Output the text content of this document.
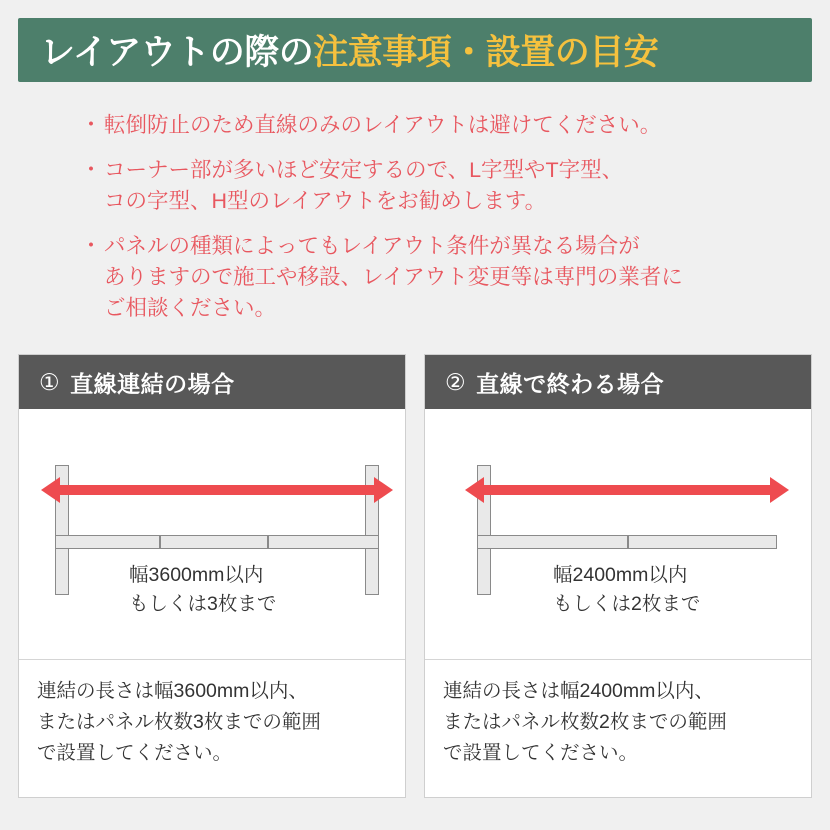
レイアウトの際の注意事項・設置の目安
・ 転倒防止のため直線のみのレイアウトは避けてください。
・ コーナー部が多いほど安定するので、L字型やT字型、
コの字型、H型のレイアウトをお勧めします。
・ パネルの種類によってもレイアウト条件が異なる場合が
ありますので施工や移設、レイアウト変更等は専門の業者に
ご相談ください。
① 直線連結の場合
幅3600mm以内
もしくは3枚まで
連結の長さは幅3600mm以内、
またはパネル枚数3枚までの範囲
で設置してください。
② 直線で終わる場合
幅2400mm以内
もしくは2枚まで
連結の長さは幅2400mm以内、
またはパネル枚数2枚までの範囲
で設置してください。
